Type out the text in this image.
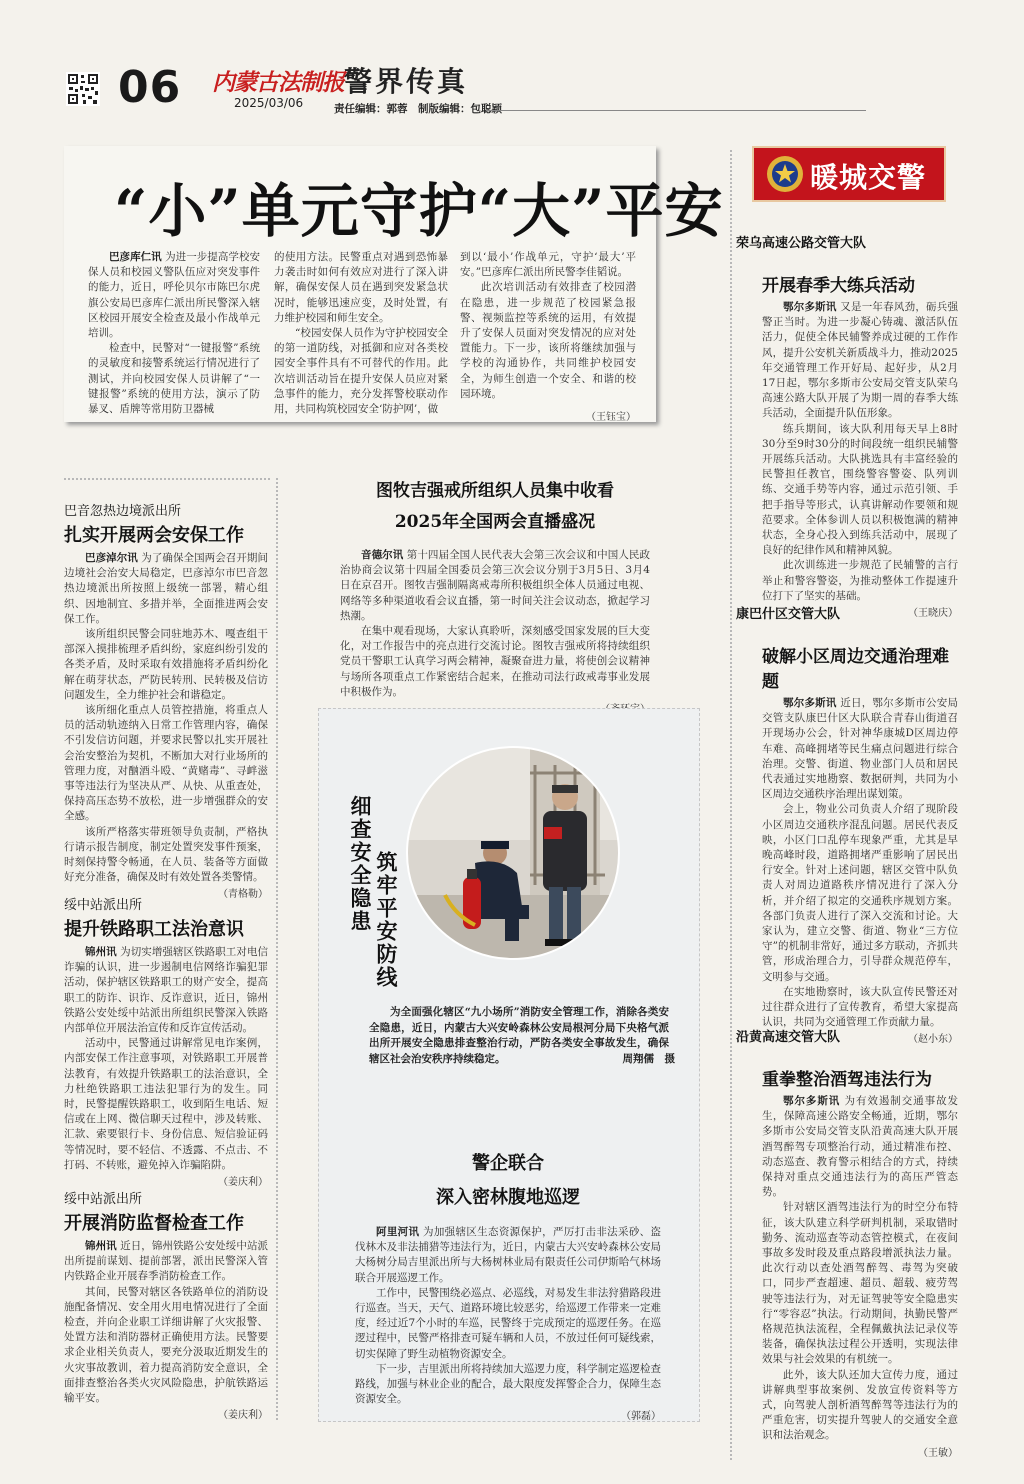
06 内蒙古法制报
2025/03/06
警界传真
责任编辑：郭蓉　制版编辑：包聪颖
“小”单元守护“大”平安

巴彦库仁讯 为进一步提高学校安保人员和校园义警队伍应对突发事件的能力，近日，呼伦贝尔市陈巴尔虎旗公安局巴彦库仁派出所民警深入辖区校园开展安全检查及最小作战单元培训。

检查中，民警对“一键报警”系统的灵敏度和接警系统运行情况进行了测试，并向校园安保人员讲解了“一键报警”系统的使用方法，演示了防暴叉、盾牌等常用防卫器械

的使用方法。民警重点对遇到恐怖暴力袭击时如何有效应对进行了深入讲解，确保安保人员在遇到突发紧急状况时，能够迅速应变，及时处置，有力维护校园和师生安全。

“校园安保人员作为守护校园安全的第一道防线，对抵御和应对各类校园安全事件具有不可替代的作用。此次培训活动旨在提升安保人员应对紧急事件的能力，充分发挥警校联动作用，共同构筑校园安全‘防护网’，做

到以‘最小’作战单元，守护‘最大’平安。”巴彦库仁派出所民警李佳韬说。

此次培训活动有效排查了校园潜在隐患，进一步规范了校园紧急报警、视频监控等系统的运用，有效提升了安保人员面对突发情况的应对处置能力。下一步，该所将继续加强与学校的沟通协作，共同维护校园安全，为师生创造一个安全、和谐的校园环境。

（王钰宝）
暖城交警
荣乌高速公路交管大队
开展春季大练兵活动

鄂尔多斯讯 又是一年春风劲，砺兵强警正当时。为进一步凝心铸魂、激活队伍活力，促使全体民辅警养成过硬的工作作风，提升公安机关新质战斗力，推动2025年交通管理工作开好局、起好步，从2月17日起，鄂尔多斯市公安局交管支队荣乌高速公路大队开展了为期一周的春季大练兵活动，全面提升队伍形象。

练兵期间，该大队利用每天早上8时30分至9时30分的时间段统一组织民辅警开展练兵活动。大队挑选具有丰富经验的民警担任教官，围绕警容警姿、队列训练、交通手势等内容，通过示范引领、手把手指导等形式，认真讲解动作要领和规范要求。全体参训人员以积极饱满的精神状态，全身心投入到练兵活动中，展现了良好的纪律作风和精神风貌。

此次训练进一步规范了民辅警的言行举止和警容警姿，为推动整体工作提速升位打下了坚实的基础。

（王晓庆）
康巴什区交管大队
破解小区周边交通治理难题

鄂尔多斯讯 近日，鄂尔多斯市公安局交管支队康巴什区大队联合青春山街道召开现场办公会，针对神华康城D区周边停车难、高峰拥堵等民生痛点问题进行综合治理。交警、街道、物业部门人员和居民代表通过实地勘察、数据研判，共同为小区周边交通秩序治理出谋划策。

会上，物业公司负责人介绍了现阶段小区周边交通秩序混乱问题。居民代表反映，小区门口乱停车现象严重，尤其是早晚高峰时段，道路拥堵严重影响了居民出行安全。针对上述问题，辖区交管中队负责人对周边道路秩序情况进行了深入分析，并介绍了拟定的交通秩序规划方案。各部门负责人进行了深入交流和讨论。大家认为，建立交警、街道、物业“三方位守”的机制非常好，通过多方联动，齐抓共管，形成治理合力，引导群众规范停车，文明参与交通。

在实地勘察时，该大队宣传民警还对过往群众进行了宣传教育，希望大家提高认识，共同为交通管理工作贡献力量。

（赵小东）
沿黄高速交管大队
重拳整治酒驾违法行为

鄂尔多斯讯 为有效遏制交通事故发生，保障高速公路安全畅通，近期，鄂尔多斯市公安局交管支队沿黄高速大队开展酒驾醉驾专项整治行动，通过精准布控、动态巡查、教育警示相结合的方式，持续保持对重点交通违法行为的高压严管态势。

针对辖区酒驾违法行为的时空分布特征，该大队建立科学研判机制，采取错时勤务、流动巡查等动态管控模式，在夜间事故多发时段及重点路段增派执法力量。此次行动以查处酒驾醉驾、毒驾为突破口，同步严查超速、超员、超载、疲劳驾驶等违法行为，对无证驾驶等安全隐患实行“零容忍”执法。行动期间，执勤民警严格规范执法流程，全程佩戴执法记录仪等装备，确保执法过程公开透明，实现法律效果与社会效果的有机统一。

此外，该大队还加大宣传力度，通过讲解典型事故案例、发放宣传资料等方式，向驾驶人剖析酒驾醉驾等违法行为的严重危害，切实提升驾驶人的交通安全意识和法治观念。

（王敏）
巴音忽热边境派出所
扎实开展两会安保工作

巴彦淖尔讯 为了确保全国两会召开期间边境社会治安大局稳定，巴彦淖尔市巴音忽热边境派出所按照上级统一部署，精心组织、因地制宜、多措并举，全面推进两会安保工作。

该所组织民警会同驻地苏木、嘎查组干部深入摸排梳理矛盾纠纷，家庭纠纷引发的各类矛盾，及时采取有效措施将矛盾纠纷化解在萌芽状态，严防民转刑、民转极及信访问题发生，全力维护社会和谐稳定。

该所细化重点人员管控措施，将重点人员的活动轨迹纳入日常工作管理内容，确保不引发信访问题，并要求民警以扎实开展社会治安整治为契机，不断加大对行业场所的管理力度，对酗酒斗殴、“黄赌毒”、寻衅滋事等违法行为坚决从严、从快、从重查处，保持高压态势不放松，进一步增强群众的安全感。

该所严格落实带班领导负责制，严格执行请示报告制度，制定处置突发事件预案，时刻保持警令畅通，在人员、装备等方面做好充分准备，确保及时有效处置各类警情。

（青格勒）
绥中站派出所
提升铁路职工法治意识

锦州讯 为切实增强辖区铁路职工对电信诈骗的认识，进一步遏制电信网络诈骗犯罪活动，保护辖区铁路职工的财产安全，提高职工的防诈、识诈、反诈意识，近日，锦州铁路公安处绥中站派出所组织民警深入铁路内部单位开展法治宣传和反诈宣传活动。

活动中，民警通过讲解常见电诈案例，内部安保工作注意事项，对铁路职工开展普法教育，有效提升铁路职工的法治意识，全力杜绝铁路职工违法犯罪行为的发生。同时，民警提醒铁路职工，收到陌生电话、短信或在上网、微信聊天过程中，涉及转账、汇款、索要银行卡、身份信息、短信验证码等情况时，要不轻信、不透露、不点击、不打码、不转账，避免掉入诈骗陷阱。

（姜庆利）
绥中站派出所
开展消防监督检查工作

锦州讯 近日，锦州铁路公安处绥中站派出所提前谋划、提前部署，派出民警深入管内铁路企业开展春季消防检查工作。

其间，民警对辖区各铁路单位的消防设施配备情况、安全用火用电情况进行了全面检查，并向企业职工详细讲解了火灾报警、处置方法和消防器材正确使用方法。民警要求企业相关负责人，要充分汲取近期发生的火灾事故教训，着力提高消防安全意识，全面排查整治各类火灾风险隐患，护航铁路运输平安。

（姜庆利）
图牧吉强戒所组织人员集中收看
2025年全国两会直播盛况

音德尔讯 第十四届全国人民代表大会第三次会议和中国人民政治协商会议第十四届全国委员会第三次会议分别于3月5日、3月4日在京召开。图牧吉强制隔离戒毒所积极组织全体人员通过电视、网络等多种渠道收看会议直播，第一时间关注会议动态，掀起学习热潮。

在集中观看现场，大家认真聆听，深刻感受国家发展的巨大变化，对工作报告中的亮点进行交流讨论。图牧吉强戒所将持续组织党员干警职工认真学习两会精神，凝聚奋进力量，将使创会议精神与场所各项重点工作紧密结合起来，在推动司法行政戒毒事业发展中积极作为。

细查安全隐患 筑牢平安防线
为全面强化辖区“九小场所”消防安全管理工作，消除各类安全隐患，近日，内蒙古大兴安岭森林公安局根河分局下央格气派出所开展安全隐患排查整治行动，严防各类安全事故发生，确保辖区社会治安秩序持续稳定。	周翔儒　摄
警企联合
深入密林腹地巡逻

阿里河讯 为加强辖区生态资源保护，严厉打击非法采砂、盗伐林木及非法捕猎等违法行为，近日，内蒙古大兴安岭森林公安局大杨树分局吉里派出所与大杨树林业局有限责任公司伊斯哈气林场联合开展巡逻工作。

工作中，民警围绕必巡点、必巡线，对易发生非法狩猎路段进行巡查。当天，天气、道路环境比较恶劣，给巡逻工作带来一定难度，经过近7个小时的车巡，民警终于完成预定的巡逻任务。在巡逻过程中，民警严格排查可疑车辆和人员，不放过任何可疑线索，切实保障了野生动植物资源安全。

下一步，吉里派出所将持续加大巡逻力度，科学制定巡逻检查路线，加强与林业企业的配合，最大限度发挥警企合力，保障生态资源安全。

（郭磊）
